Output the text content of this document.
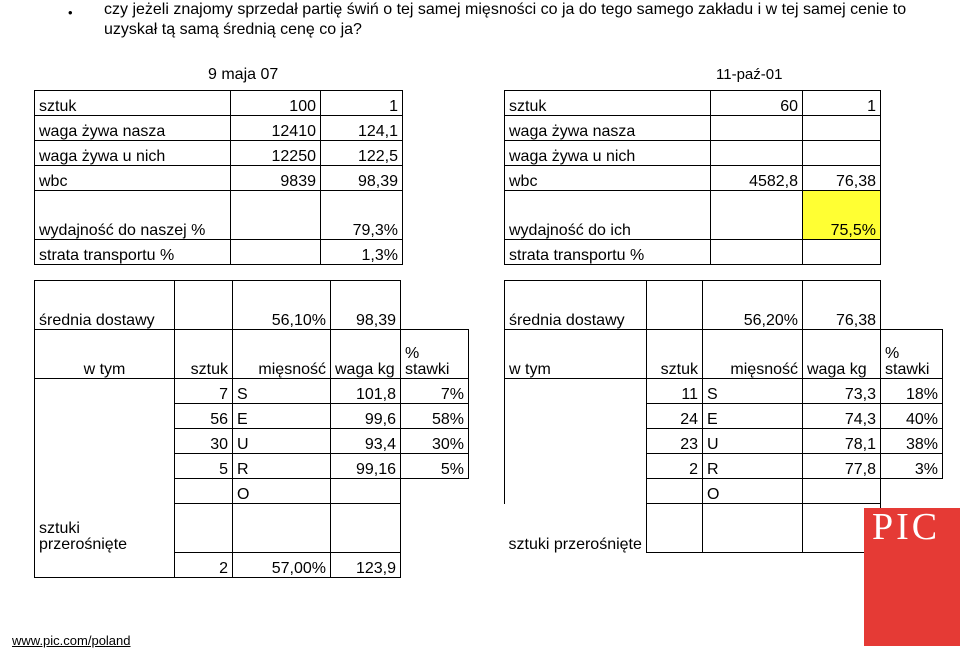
• czy jeżeli znajomy sprzedał partię świń o tej samej mięsności co ja do tego samego zakładu i w tej samej cenie to uzyskał tą samą średnią cenę co ja?
9 maja 07
sztuk	100	1
waga żywa nasza	12410	124,1
waga żywa u nich	12250	122,5
wbc	9839	98,39
wydajność do naszej %		79,3%
strata transportu %		1,3%
11-paź-01
sztuk	60	1
waga żywa nasza		
waga żywa u nich		
wbc	4582,8	76,38
wydajność do ich		75,5%
strata transportu %		
średnia dostawy		56,10%	98,39	
w tym	sztuk	mięsność	waga kg	% stawki
	7	S	101,8	7%
	56	E	99,6	58%
	30	U	93,4	30%
	5	R	99,16	5%
		O		
sztuki przerośnięte				
	2	57,00%	123,9	
średnia dostawy		56,20%	76,38	
w tym	sztuk	mięsność	waga kg	% stawki
	11	S	73,3	18%
	24	E	74,3	40%
	23	U	78,1	38%
	2	R	77,8	3%
		O		
sztuki przerośnięte					PIC
www.pic.com/poland
